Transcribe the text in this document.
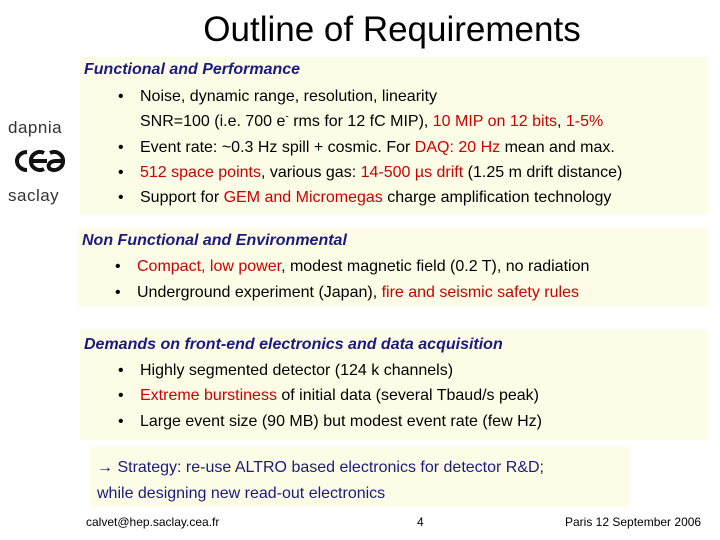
Outline of Requirements
dapnia
saclay
Functional and Performance
• Noise, dynamic range, resolution, linearity
SNR=100 (i.e. 700 e- rms for 12 fC MIP), 10 MIP on 12 bits, 1-5%
• Event rate: ~0.3 Hz spill + cosmic. For DAQ: 20 Hz mean and max.
• 512 space points, various gas: 14-500 µs drift (1.25 m drift distance)
• Support for GEM and Micromegas charge amplification technology
Non Functional and Environmental
• Compact, low power, modest magnetic field (0.2 T), no radiation
• Underground experiment (Japan), fire and seismic safety rules
Demands on front-end electronics and data acquisition
• Highly segmented detector (124 k channels)
• Extreme burstiness of initial data (several Tbaud/s peak)
• Large event size (90 MB) but modest event rate (few Hz)
→ Strategy: re-use ALTRO based electronics for detector R&D;
while designing new read-out electronics
calvet@hep.saclay.cea.fr	4	Paris 12 September 2006
